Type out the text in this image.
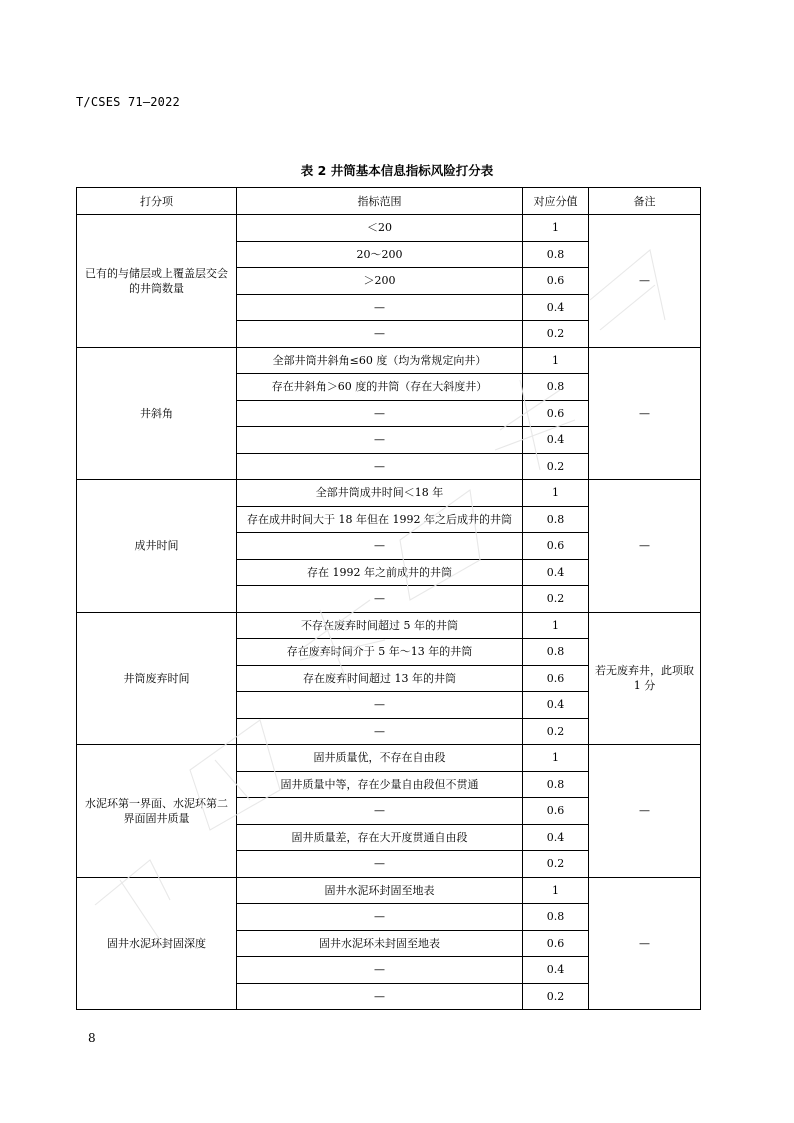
T/CSES 71—2022
表 2 井筒基本信息指标风险打分表
打分项	指标范围	对应分值	备注
已有的与储层或上覆盖层交会的井筒数量	＜20	1	—
	20～200	0.8	
	＞200	0.6	
	—	0.4	
	—	0.2	
井斜角	全部井筒井斜角≤60 度（均为常规定向井）	1	—
	存在井斜角＞60 度的井筒（存在大斜度井）	0.8	
	—	0.6	
	—	0.4	
	—	0.2	
成井时间	全部井筒成井时间＜18 年	1	—
	存在成井时间大于 18 年但在 1992 年之后成井的井筒	0.8	
	—	0.6	
	存在 1992 年之前成井的井筒	0.4	
	—	0.2	
井筒废弃时间	不存在废弃时间超过 5 年的井筒	1	若无废弃井，此项取 1 分
	存在废弃时间介于 5 年～13 年的井筒	0.8	
	存在废弃时间超过 13 年的井筒	0.6	
	—	0.4	
	—	0.2	
水泥环第一界面、水泥环第二界面固井质量	固井质量优，不存在自由段	1	—
	固井质量中等，存在少量自由段但不贯通	0.8	
	—	0.6	
	固井质量差，存在大开度贯通自由段	0.4	
	—	0.2	
固井水泥环封固深度	固井水泥环封固至地表	1	—
	—	0.8	
	固井水泥环未封固至地表	0.6	
	—	0.4	
	—	0.2	
8
